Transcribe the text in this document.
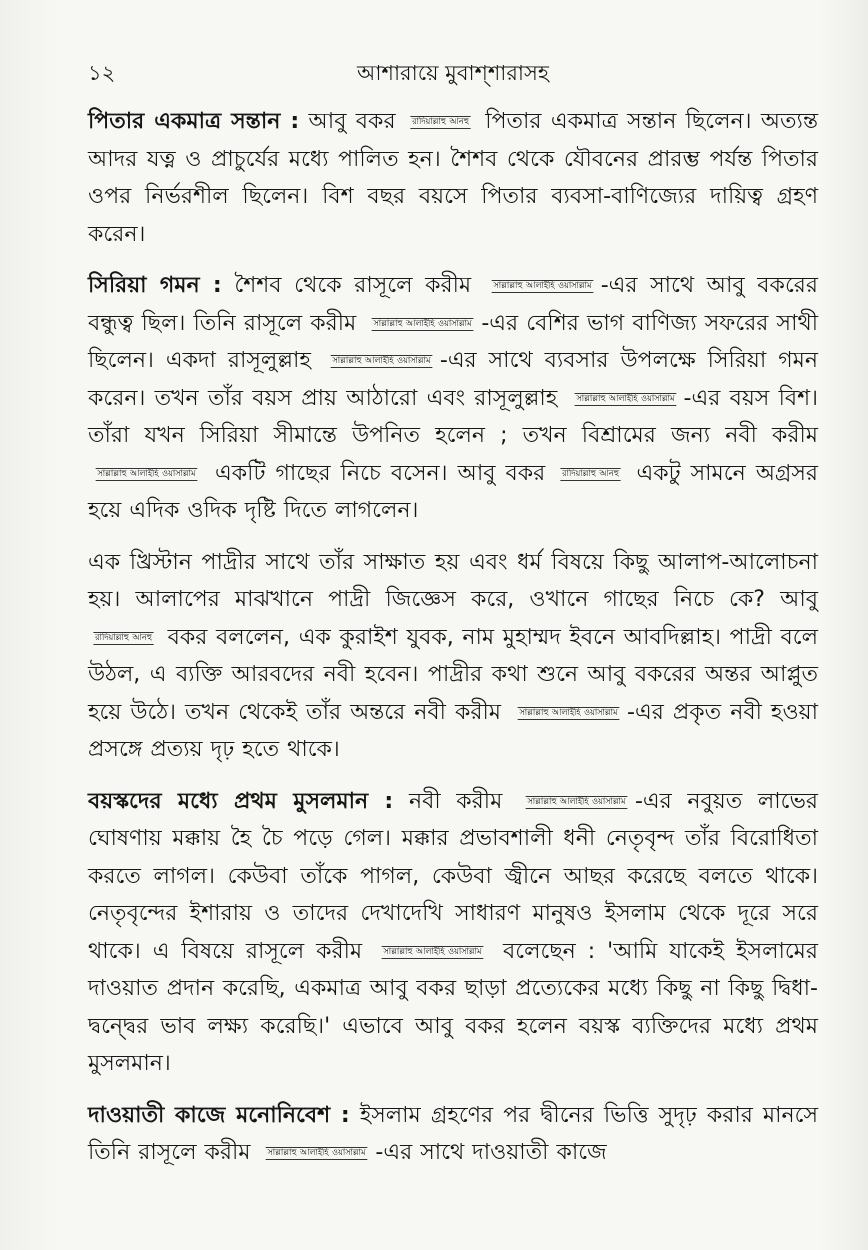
১২	আশারায়ে মুবাশ্শারাসহ

পিতার একমাত্র সন্তান : আবু বকর রাদিয়াল্লাহু আনহু পিতার একমাত্র সন্তান ছিলেন। অত্যন্ত আদর যত্ন ও প্রাচুর্যের মধ্যে পালিত হন। শৈশব থেকে যৌবনের প্রারম্ভ পর্যন্ত পিতার ওপর নির্ভরশীল ছিলেন। বিশ বছর বয়সে পিতার ব্যবসা-বাণিজ্যের দায়িত্ব গ্রহণ করেন।

সিরিয়া গমন : শৈশব থেকে রাসূলে করীম সাল্লাল্লাহু আলাইহি ওয়াসাল্লাম -এর সাথে আবু বকরের বন্ধুত্ব ছিল। তিনি রাসূলে করীম সাল্লাল্লাহু আলাইহি ওয়াসাল্লাম -এর বেশির ভাগ বাণিজ্য সফরের সাথী ছিলেন। একদা রাসূলুল্লাহ সাল্লাল্লাহু আলাইহি ওয়াসাল্লাম -এর সাথে ব্যবসার উপলক্ষে সিরিয়া গমন করেন। তখন তাঁর বয়স প্রায় আঠারো এবং রাসূলুল্লাহ সাল্লাল্লাহু আলাইহি ওয়াসাল্লাম -এর বয়স বিশ। তাঁরা যখন সিরিয়া সীমান্তে উপনিত হলেন ; তখন বিশ্রামের জন্য নবী করীম সাল্লাল্লাহু আলাইহি ওয়াসাল্লাম একটি গাছের নিচে বসেন। আবু বকর রাদিয়াল্লাহু আনহু একটু সামনে অগ্রসর হয়ে এদিক ওদিক দৃষ্টি দিতে লাগলেন।

এক খ্রিস্টান পাদ্রীর সাথে তাঁর সাক্ষাত হয় এবং ধর্ম বিষয়ে কিছু আলাপ-আলোচনা হয়। আলাপের মাঝখানে পাদ্রী জিজ্ঞেস করে, ওখানে গাছের নিচে কে? আবু রাদিয়াল্লাহু আনহু বকর বললেন, এক কুরাইশ যুবক, নাম মুহাম্মদ ইবনে আবদিল্লাহ। পাদ্রী বলে উঠল, এ ব্যক্তি আরবদের নবী হবেন। পাদ্রীর কথা শুনে আবু বকরের অন্তর আপ্লুত হয়ে উঠে। তখন থেকেই তাঁর অন্তরে নবী করীম সাল্লাল্লাহু আলাইহি ওয়াসাল্লাম -এর প্রকৃত নবী হওয়া প্রসঙ্গে প্রত্যয় দৃঢ় হতে থাকে।

বয়স্কদের মধ্যে প্রথম মুসলমান : নবী করীম	সাল্লাল্লাহু আলাইহি ওয়াসাল্লাম -এর নবুয়ত লাভের ঘোষণায় মক্কায় হৈ চৈ পড়ে গেল। মক্কার প্রভাবশালী ধনী নেতৃবৃন্দ তাঁর বিরোধিতা করতে লাগল। কেউবা তাঁকে পাগল, কেউবা জ্বীনে আছর করেছে বলতে থাকে। নেতৃবৃন্দের ইশারায় ও তাদের দেখাদেখি সাধারণ মানুষও ইসলাম থেকে দূরে সরে থাকে। এ বিষয়ে রাসূলে করীম সাল্লাল্লাহু আলাইহি ওয়াসাল্লাম বলেছেন : 'আমি যাকেই ইসলামের দাওয়াত প্রদান করেছি, একমাত্র আবু বকর ছাড়া প্রত্যেকের মধ্যে কিছু না কিছু দ্বিধা-দ্বন্দ্বের ভাব লক্ষ্য করেছি।' এভাবে আবু বকর হলেন বয়স্ক ব্যক্তিদের মধ্যে প্রথম মুসলমান।

দাওয়াতী কাজে মনোনিবেশ : ইসলাম গ্রহণের পর দ্বীনের ভিত্তি সুদৃঢ় করার মানসে তিনি রাসূলে করীম সাল্লাল্লাহু আলাইহি ওয়াসাল্লাম -এর সাথে দাওয়াতী কাজে
